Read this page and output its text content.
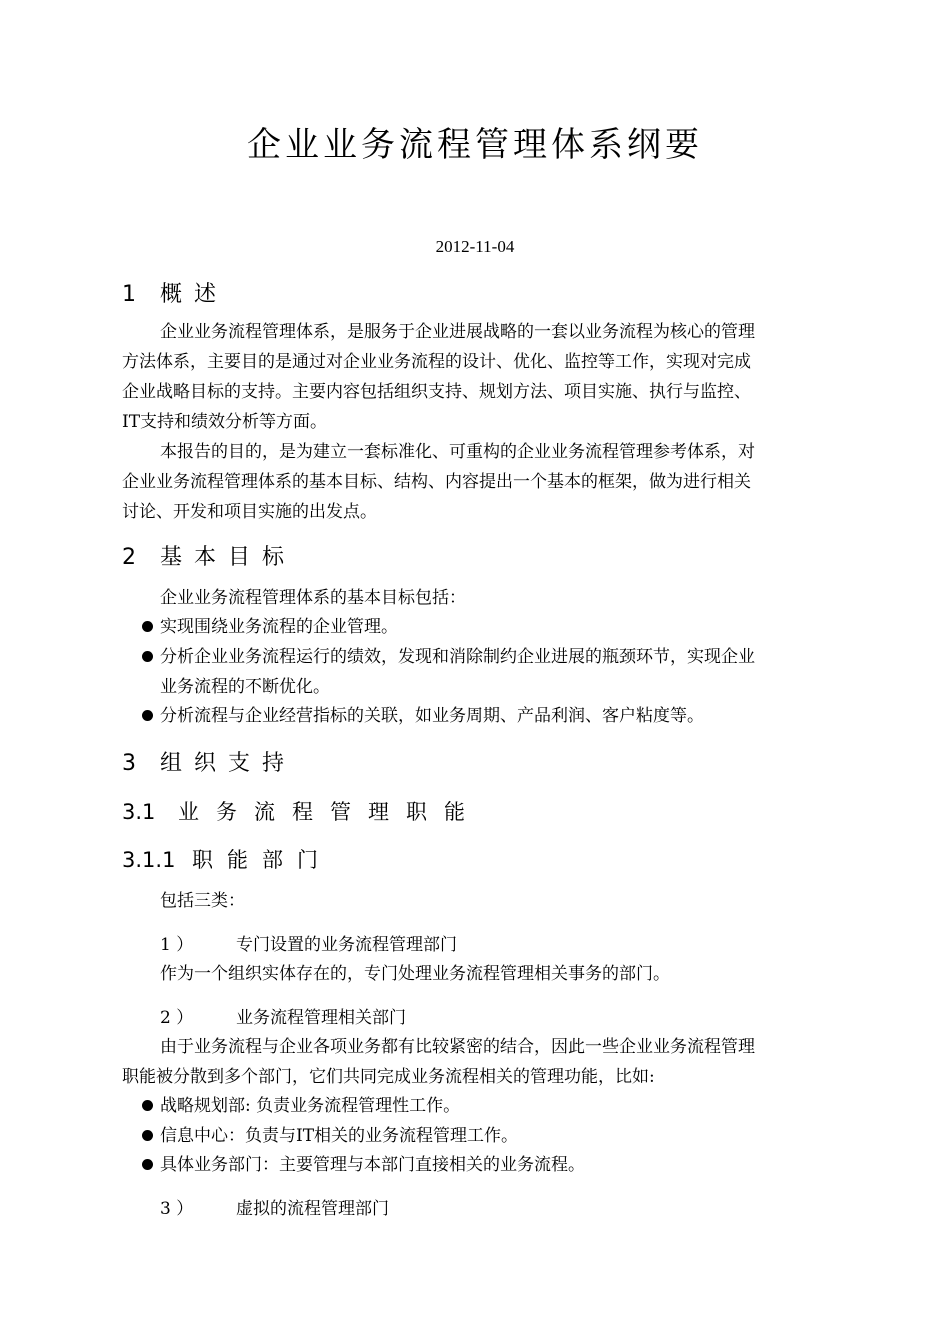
企业业务流程管理体系纲要
2012-11-04
1 概述
企业业务流程管理体系，是服务于企业进展战略的一套以业务流程为核心的管理
方法体系，主要目的是通过对企业业务流程的设计、优化、监控等工作，实现对完成
企业战略目标的支持。主要内容包括组织支持、规划方法、项目实施、执行与监控、
IT支持和绩效分析等方面。
本报告的目的，是为建立一套标准化、可重构的企业业务流程管理参考体系，对
企业业务流程管理体系的基本目标、结构、内容提出一个基本的框架，做为进行相关
讨论、开发和项目实施的出发点。
2 基本目标
企业业务流程管理体系的基本目标包括：
实现围绕业务流程的企业管理。
分析企业业务流程运行的绩效，发现和消除制约企业进展的瓶颈环节，实现企业
业务流程的不断优化。
分析流程与企业经营指标的关联，如业务周期、产品利润、客户粘度等。
3 组织支持
3.1 业务流程管理职能
3.1.1 职能部门
包括三类：
1 ）	专门设置的业务流程管理部门
作为一个组织实体存在的，专门处理业务流程管理相关事务的部门。
2 ）	业务流程管理相关部门
由于业务流程与企业各项业务都有比较紧密的结合，因此一些企业业务流程管理
职能被分散到多个部门，它们共同完成业务流程相关的管理功能，比如:
战略规划部: 负责业务流程管理性工作。
信息中心：负责与IT相关的业务流程管理工作。
具体业务部门：主要管理与本部门直接相关的业务流程。
3 ）	虚拟的流程管理部门
